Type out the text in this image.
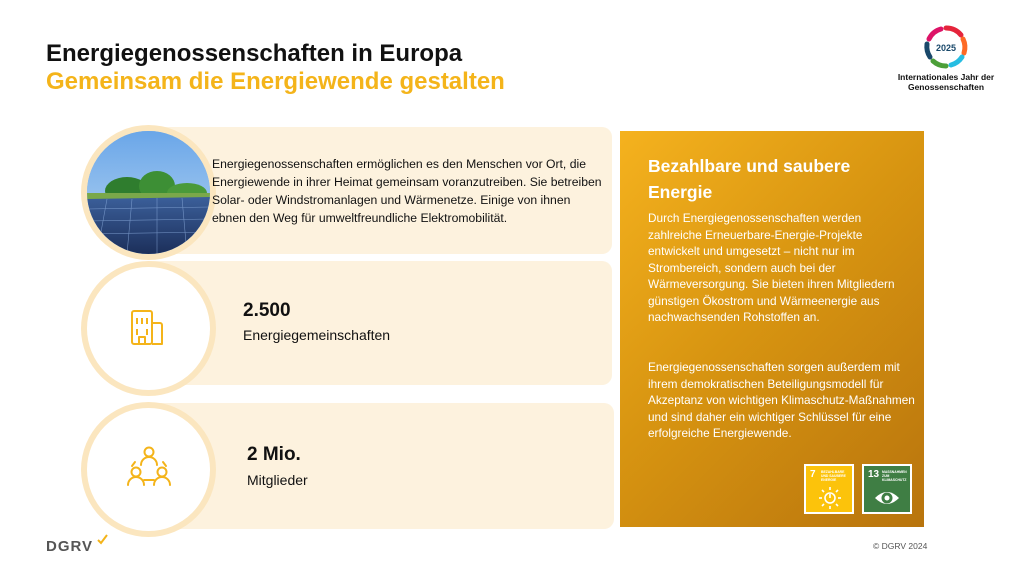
Energiegenossenschaften in Europa
Gemeinsam die Energiewende gestalten
2025
Internationales Jahr der
Genossenschaften
Energiegenossenschaften ermöglichen es den Menschen vor Ort, die Energiewende in ihrer Heimat gemeinsam voranzutreiben. Sie betreiben Solar- oder Windstromanlagen und Wärmenetze. Einige von ihnen ebnen den Weg für umweltfreundliche Elektromobilität.
2.500
Energiegemeinschaften
2 Mio.
Mitglieder
Bezahlbare und saubere Energie
Durch Energiegenossenschaften werden zahlreiche Erneuerbare-Energie-Projekte entwickelt und umgesetzt – nicht nur im Strombereich, sondern auch bei der Wärmeversorgung. Sie bieten ihren Mitgliedern günstigen Ökostrom und Wärmeenergie aus nachwachsenden Rohstoffen an.
Energiegenossenschaften sorgen außerdem mit ihrem demokratischen Beteiligungsmodell für Akzeptanz von wichtigen Klimaschutz-Maßnahmen und sind daher ein wichtiger Schlüssel für eine erfolgreiche Energiewende.
7 BEZAHLBARE UND SAUBERE ENERGIE	13 MASSNAHMEN ZUM KLIMASCHUTZ
DGRV	© DGRV 2024
